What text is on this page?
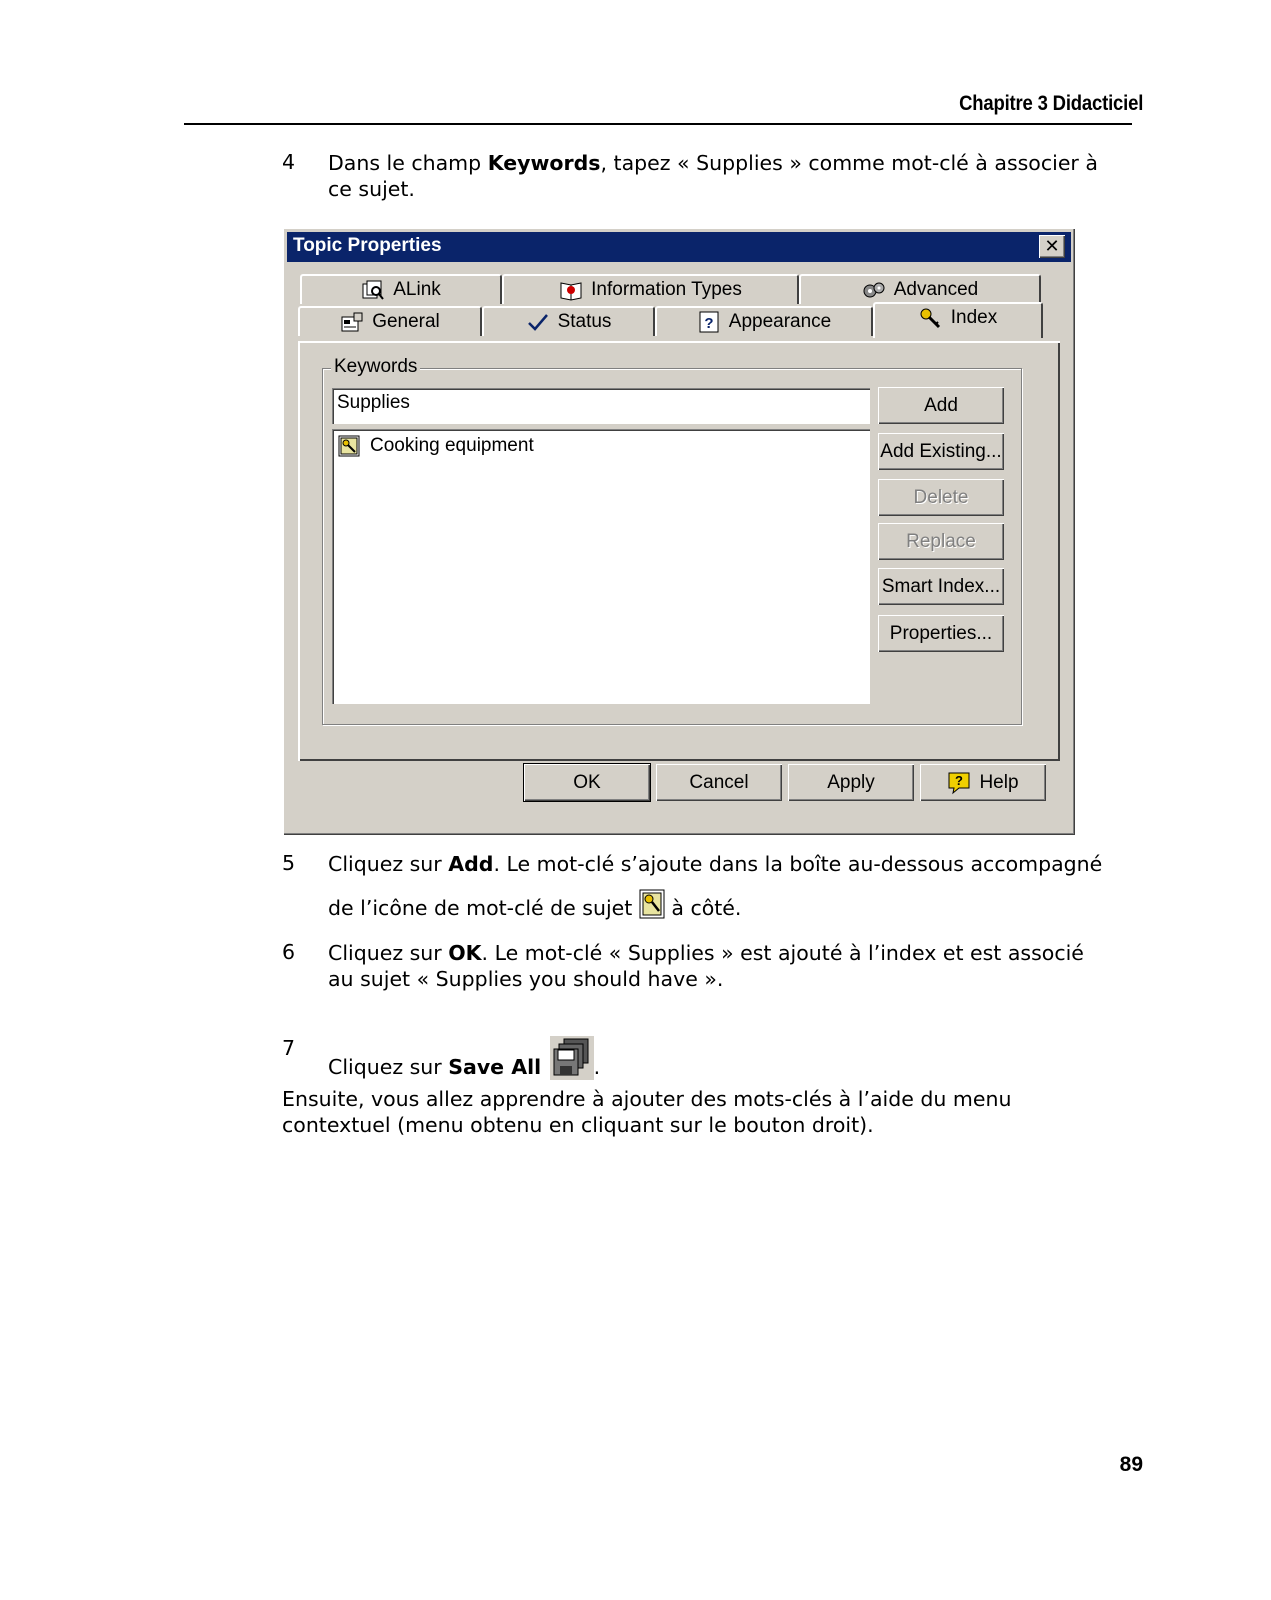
Chapitre 3 Didacticiel
4 Dans le champ Keywords, tapez « Supplies » comme mot-clé à associer à
ce sujet.
Topic Properties	✕
ALink	Information Types	Advanced
General	Status	? Appearance	Index
Keywords
Supplies
Cooking equipment
Add
Add Existing...
Delete
Replace
Smart Index...
Properties...
OK	Cancel	Apply	? Help
5 Cliquez sur Add. Le mot-clé s’ajoute dans la boîte au-dessous accompagné
de l’icône de mot-clé de sujet  à côté.
6 Cliquez sur OK. Le mot-clé « Supplies » est ajouté à l’index et est associé
au sujet « Supplies you should have ».
7
Cliquez sur Save All	.
Ensuite, vous allez apprendre à ajouter des mots-clés à l’aide du menu
contextuel (menu obtenu en cliquant sur le bouton droit).
89
